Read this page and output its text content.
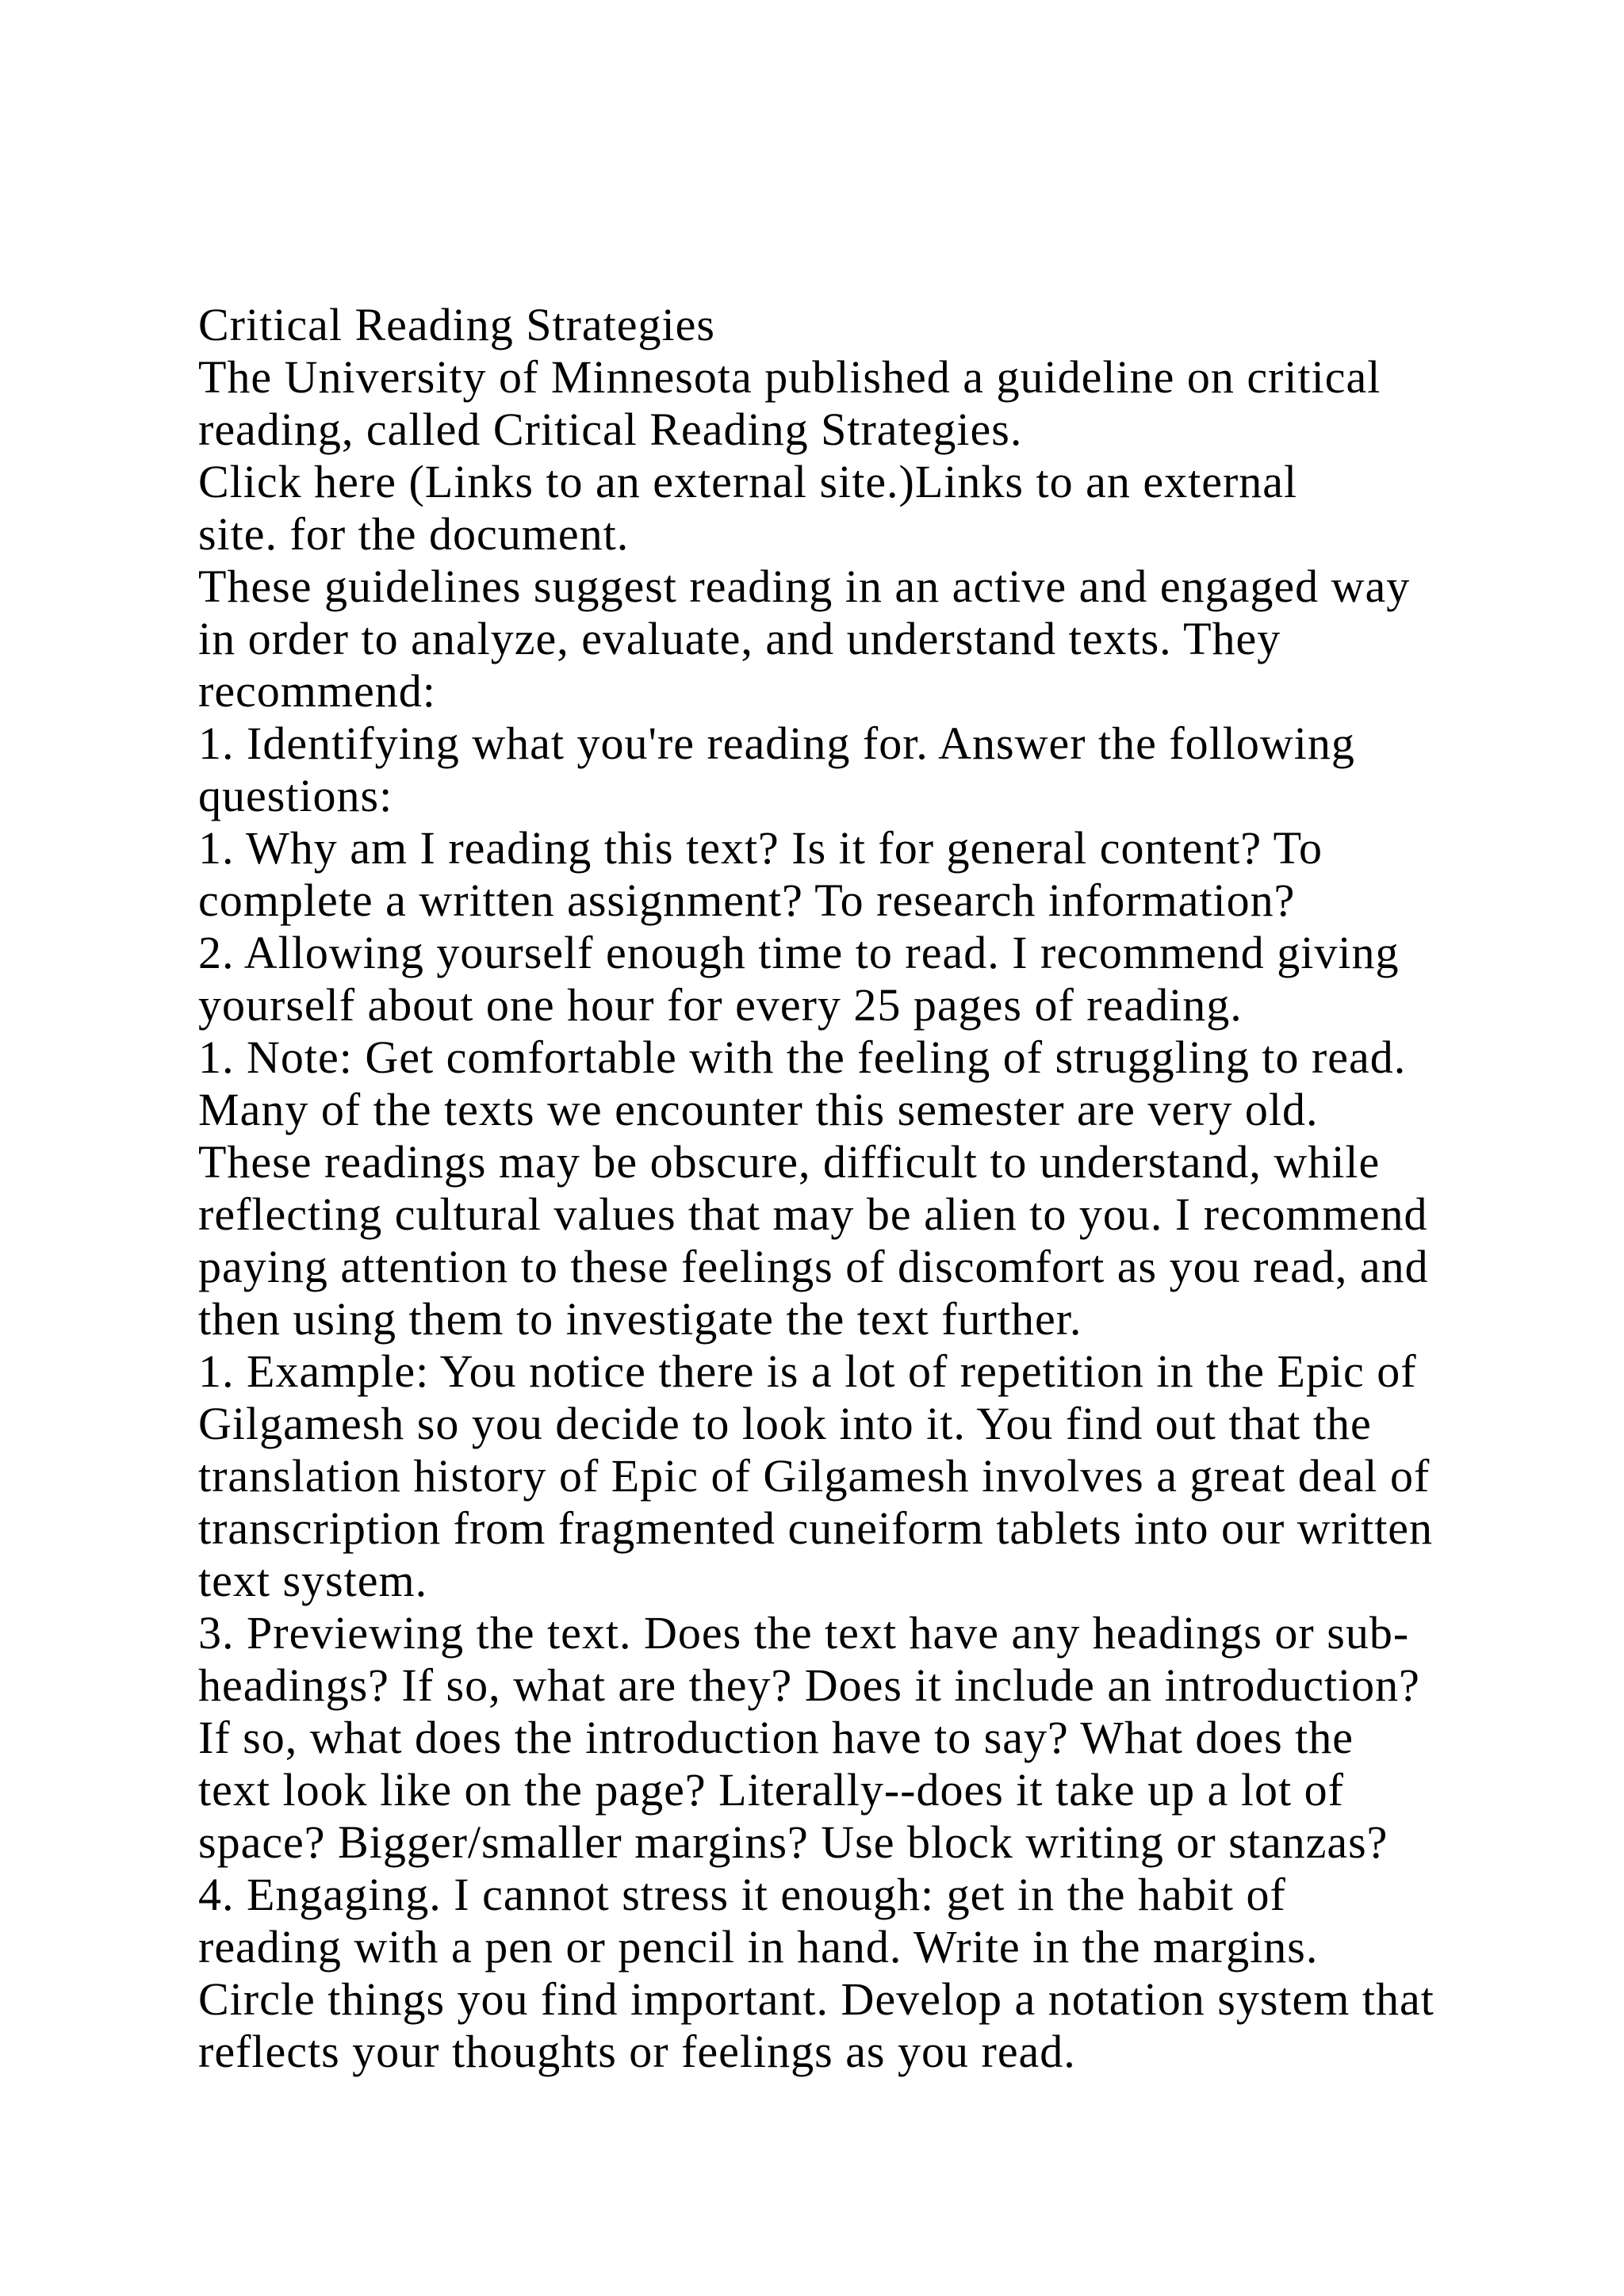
Critical Reading Strategies
The University of Minnesota published a guideline on critical
reading, called Critical Reading Strategies.
Click here (Links to an external site.)Links to an external
site. for the document.
These guidelines suggest reading in an active and engaged way
in order to analyze, evaluate, and understand texts. They
recommend:
1. Identifying what you're reading for. Answer the following
questions:
1. Why am I reading this text? Is it for general content? To
complete a written assignment? To research information?
2. Allowing yourself enough time to read. I recommend giving
yourself about one hour for every 25 pages of reading.
1. Note: Get comfortable with the feeling of struggling to read.
Many of the texts we encounter this semester are very old.
These readings may be obscure, difficult to understand, while
reflecting cultural values that may be alien to you. I recommend
paying attention to these feelings of discomfort as you read, and
then using them to investigate the text further.
1. Example: You notice there is a lot of repetition in the Epic of
Gilgamesh so you decide to look into it. You find out that the
translation history of Epic of Gilgamesh involves a great deal of
transcription from fragmented cuneiform tablets into our written
text system.
3. Previewing the text. Does the text have any headings or sub-
headings? If so, what are they? Does it include an introduction?
If so, what does the introduction have to say? What does the
text look like on the page? Literally--does it take up a lot of
space? Bigger/smaller margins? Use block writing or stanzas?
4. Engaging. I cannot stress it enough: get in the habit of
reading with a pen or pencil in hand. Write in the margins.
Circle things you find important. Develop a notation system that
reflects your thoughts or feelings as you read.
